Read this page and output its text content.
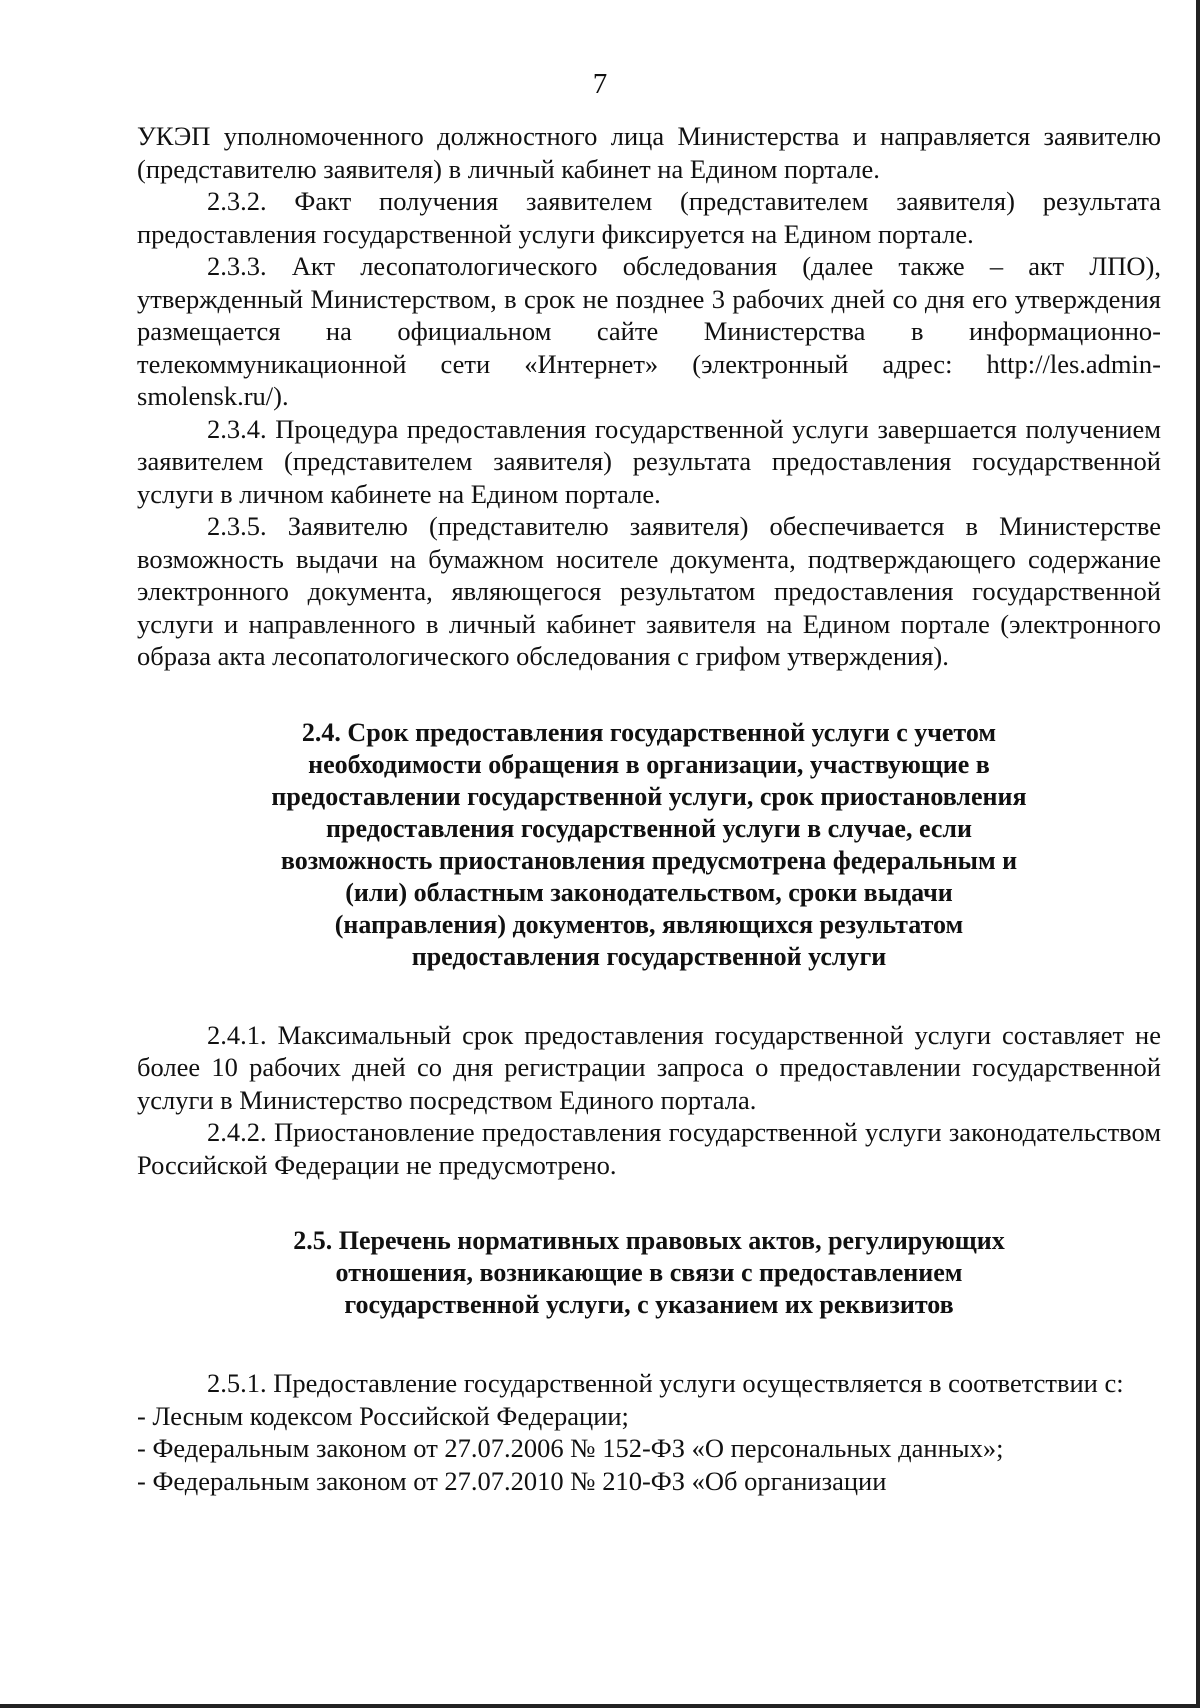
7

УКЭП уполномоченного должностного лица Министерства и направляется заявителю (представителю заявителя) в личный кабинет на Едином портале.

2.3.2. Факт получения заявителем (представителем заявителя) результата предоставления государственной услуги фиксируется на Едином портале.

2.3.3. Акт лесопатологического обследования (далее также – акт ЛПО), утвержденный Министерством, в срок не позднее 3 рабочих дней со дня его утверждения размещается на официальном сайте Министерства в информационно-телекоммуникационной сети «Интернет» (электронный адрес: http://les.admin-smolensk.ru/).

2.3.4. Процедура предоставления государственной услуги завершается получением заявителем (представителем заявителя) результата предоставления государственной услуги в личном кабинете на Едином портале.

2.3.5. Заявителю (представителю заявителя) обеспечивается в Министерстве возможность выдачи на бумажном носителе документа, подтверждающего содержание электронного документа, являющегося результатом предоставления государственной услуги и направленного в личный кабинет заявителя на Едином портале (электронного образа акта лесопатологического обследования с грифом утверждения).

2.4. Срок предоставления государственной услуги с учетом необходимости обращения в организации, участвующие в предоставлении государственной услуги, срок приостановления предоставления государственной услуги в случае, если возможность приостановления предусмотрена федеральным и (или) областным законодательством, сроки выдачи (направления) документов, являющихся результатом предоставления государственной услуги

2.4.1. Максимальный срок предоставления государственной услуги составляет не более 10 рабочих дней со дня регистрации запроса о предоставлении государственной услуги в Министерство посредством Единого портала.

2.4.2. Приостановление предоставления государственной услуги законодательством Российской Федерации не предусмотрено.

2.5. Перечень нормативных правовых актов, регулирующих отношения, возникающие в связи с предоставлением государственной услуги, с указанием их реквизитов

2.5.1. Предоставление государственной услуги осуществляется в соответствии с:

- Лесным кодексом Российской Федерации;

- Федеральным законом от 27.07.2006 № 152-ФЗ «О персональных данных»;

- Федеральным законом от 27.07.2010 № 210-ФЗ «Об организации
